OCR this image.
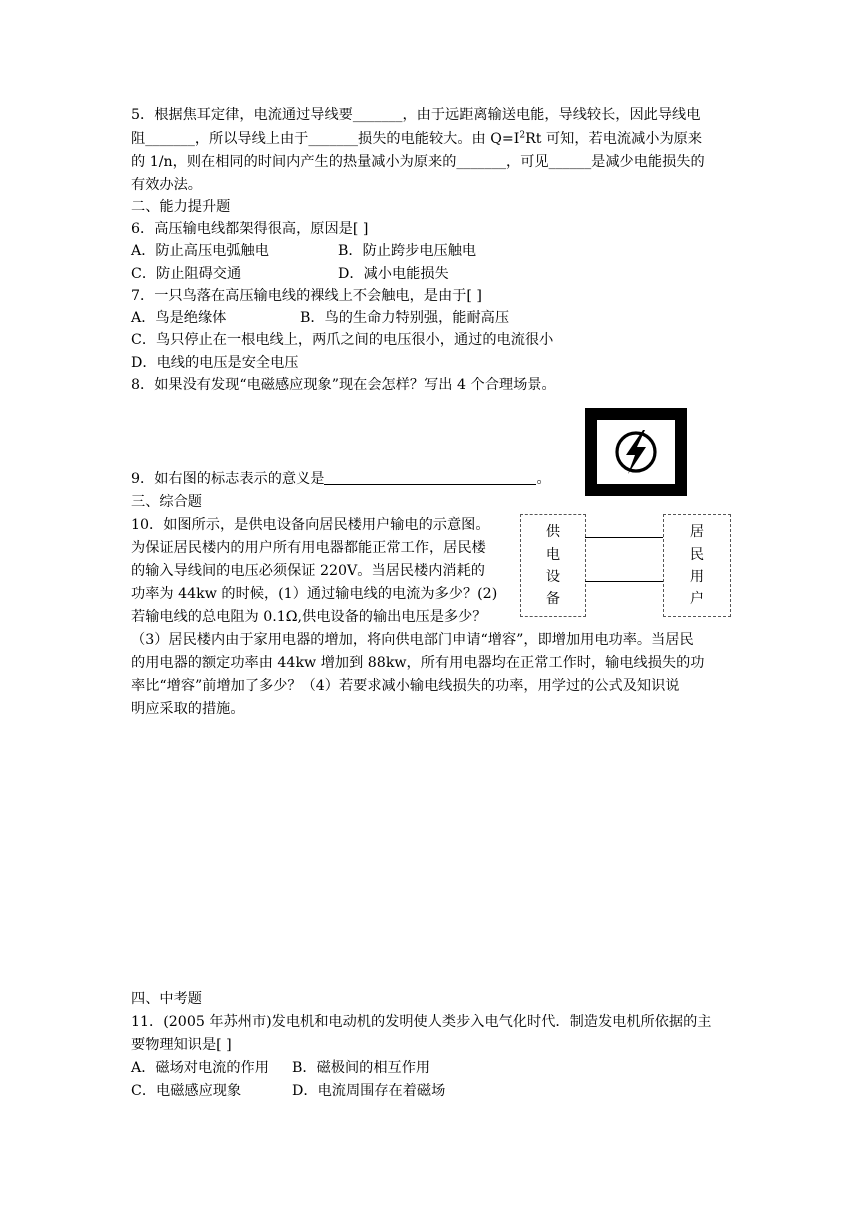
5．根据焦耳定律，电流通过导线要_______，由于远距离输送电能，导线较长，因此导线电
阻_______，所以导线上由于_______损失的电能较大。由 $Q=I^2Rt$ 可知，若电流减小为原来
的 1/n，则在相同的时间内产生的热量减小为原来的_______，可见______是减少电能损失的
有效办法。
二、能力提升题
6．高压输电线都架得很高，原因是[ ]
A．防止高压电弧触电	B．防止跨步电压触电
C．防止阻碍交通	D．减小电能损失
7．一只鸟落在高压输电线的裸线上不会触电，是由于[ ]
A．鸟是绝缘体	B．鸟的生命力特别强，能耐高压
C．鸟只停止在一根电线上，两爪之间的电压很小，通过的电流很小
D．电线的电压是安全电压
8．如果没有发现“电磁感应现象”现在会怎样？写出 4 个合理场景。
9．如右图的标志表示的意义是	。
三、综合题
10．如图所示，是供电设备向居民楼用户输电的示意图。
为保证居民楼内的用户所有用电器都能正常工作，居民楼
的输入导线间的电压必须保证 220V。当居民楼内消耗的
功率为 44kw 的时候，(1）通过输电线的电流为多少？(2)
若输电线的总电阻为 0.1Ω,供电设备的输出电压是多少？
（3）居民楼内由于家用电器的增加，将向供电部门申请“增容”，即增加用电功率。当居民
的用电器的额定功率由 44kw 增加到 88kw，所有用电器均在正常工作时，输电线损失的功
率比“增容”前增加了多少？（4）若要求减小输电线损失的功率，用学过的公式及知识说
明应采取的措施。
供
电
设
备
居
民
用
户
四、中考题
11．(2005 年苏州市)发电机和电动机的发明使人类步入电气化时代．制造发电机所依据的主
要物理知识是[ ]
A．磁场对电流的作用 B．磁极间的相互作用
C．电磁感应现象	D．电流周围存在着磁场
